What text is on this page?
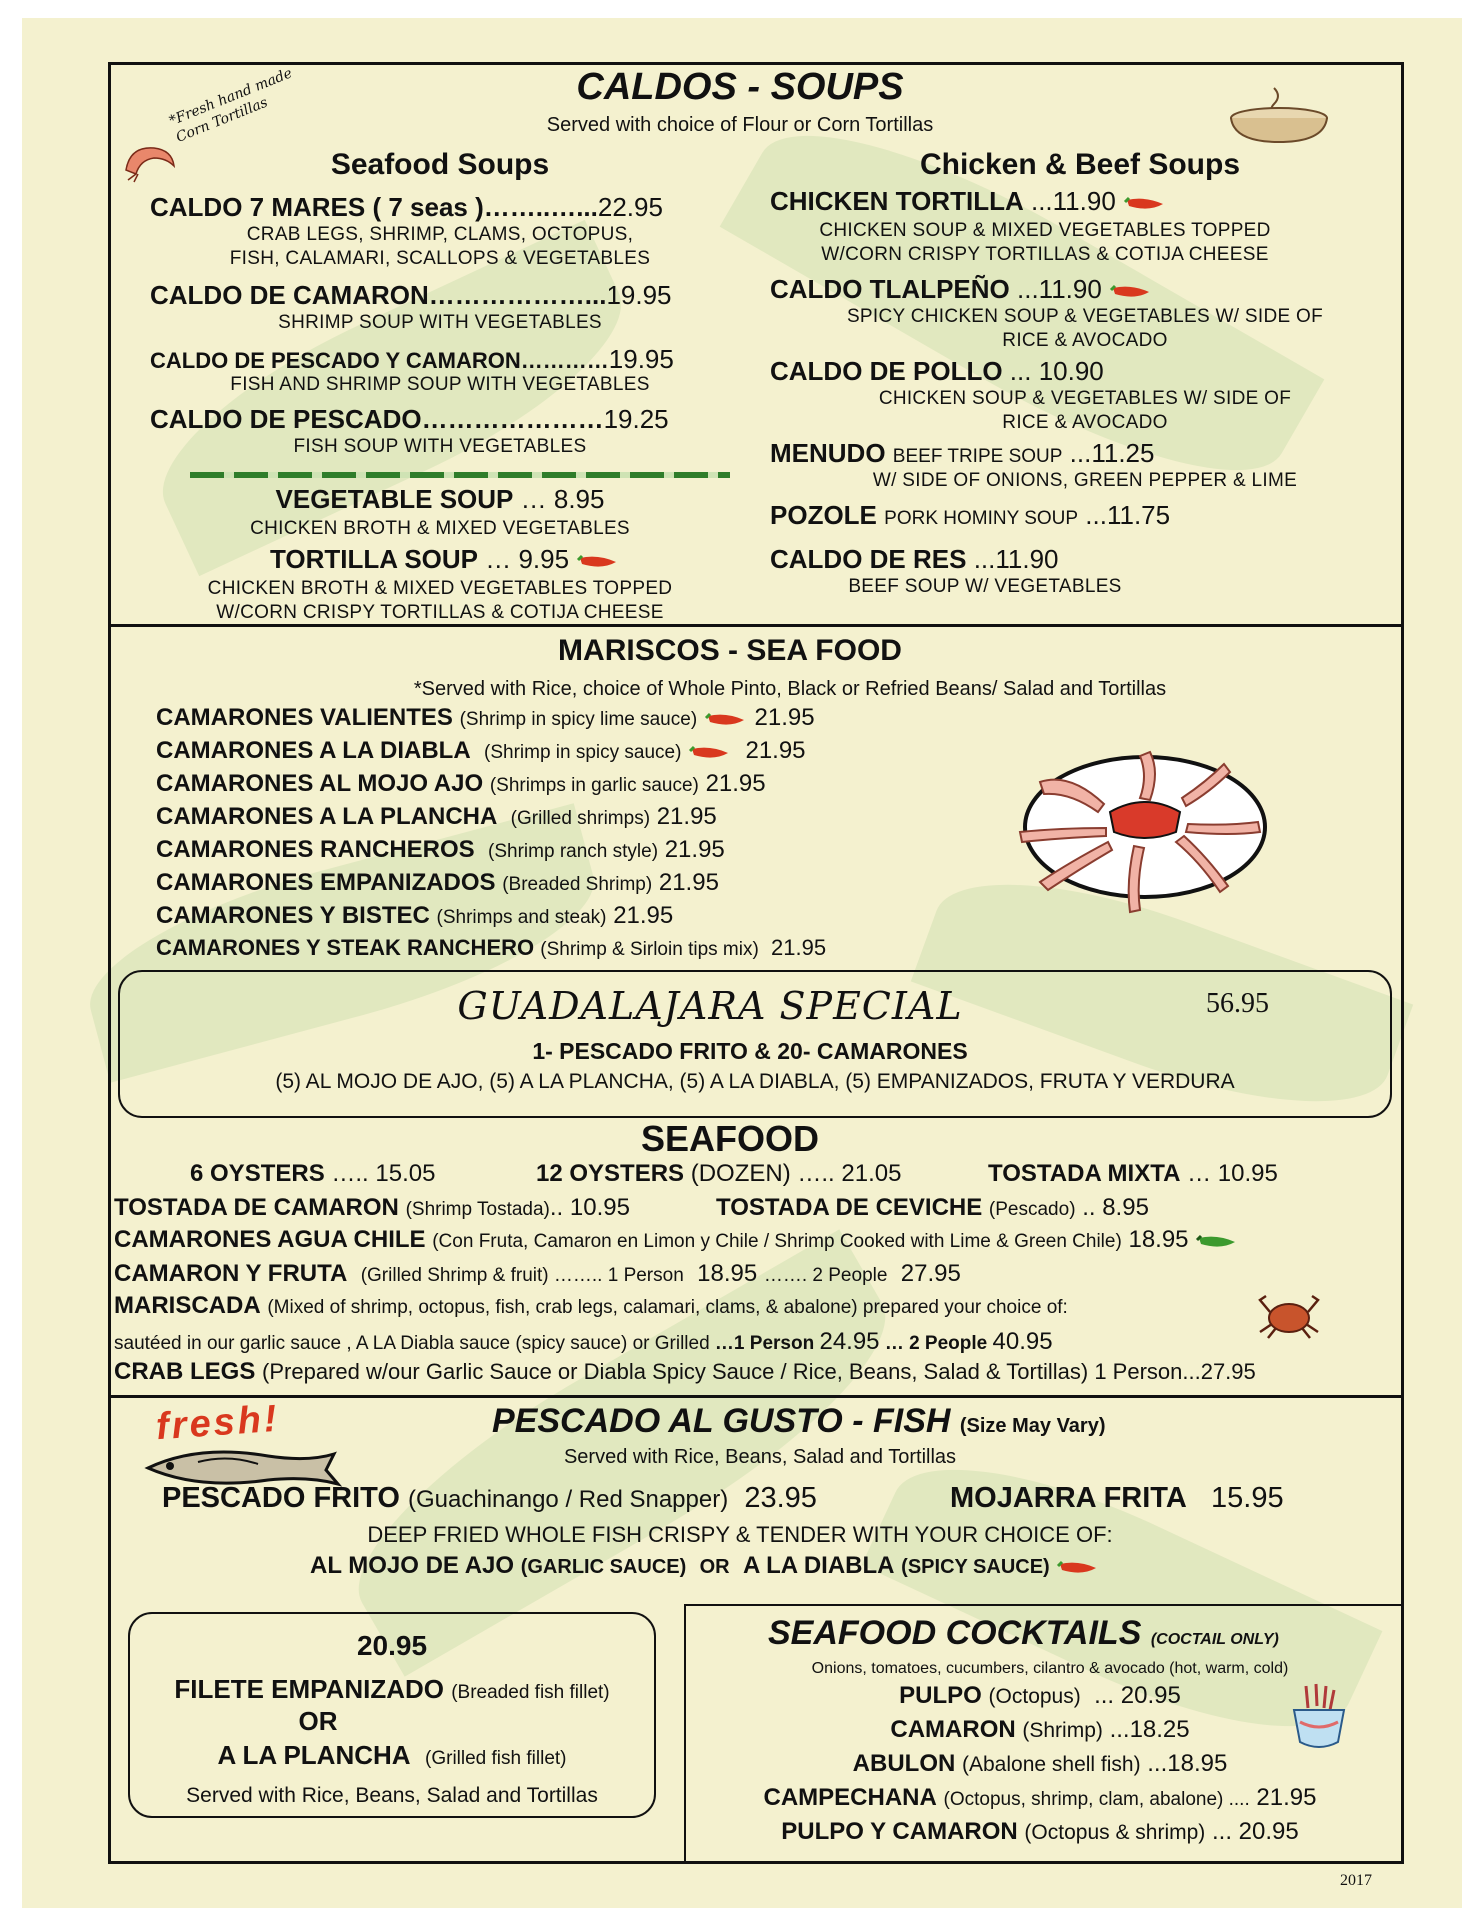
*Fresh hand made Corn Tortillas
CALDOS - SOUPS
Served with choice of Flour or Corn Tortillas
Seafood Soups	Chicken & Beef Soups
CALDO 7 MARES ( 7 seas )……..…...22.95
CRAB LEGS, SHRIMP, CLAMS, OCTOPUS,
FISH, CALAMARI, SCALLOPS & VEGETABLES
CALDO DE CAMARON………………...19.95
SHRIMP SOUP WITH VEGETABLES
CALDO DE PESCADO Y CAMARON…………19.95
FISH AND SHRIMP SOUP WITH VEGETABLES
CALDO DE PESCADO…………………19.25
FISH SOUP WITH VEGETABLES
VEGETABLE SOUP … 8.95
CHICKEN BROTH & MIXED VEGETABLES
TORTILLA SOUP … 9.95
CHICKEN BROTH & MIXED VEGETABLES TOPPED
W/CORN CRISPY TORTILLAS & COTIJA CHEESE
CHICKEN TORTILLA ...11.90
CHICKEN SOUP & MIXED VEGETABLES TOPPED
W/CORN CRISPY TORTILLAS & COTIJA CHEESE
CALDO TLALPEÑO ...11.90
SPICY CHICKEN SOUP & VEGETABLES W/ SIDE OF
RICE & AVOCADO
CALDO DE POLLO ... 10.90
CHICKEN SOUP & VEGETABLES W/ SIDE OF
RICE & AVOCADO
MENUDO BEEF TRIPE SOUP ...11.25
W/ SIDE OF ONIONS, GREEN PEPPER & LIME
POZOLE PORK HOMINY SOUP ...11.75
CALDO DE RES ...11.90
BEEF SOUP W/ VEGETABLES
MARISCOS - SEA FOOD
*Served with Rice, choice of Whole Pinto, Black or Refried Beans/ Salad and Tortillas
CAMARONES VALIENTES (Shrimp in spicy lime sauce) 21.95
CAMARONES A LA DIABLA (Shrimp in spicy sauce)	21.95
CAMARONES AL MOJO AJO (Shrimps in garlic sauce) 21.95
CAMARONES A LA PLANCHA (Grilled shrimps) 21.95
CAMARONES RANCHEROS (Shrimp ranch style) 21.95
CAMARONES EMPANIZADOS (Breaded Shrimp) 21.95
CAMARONES Y BISTEC (Shrimps and steak) 21.95
CAMARONES Y STEAK RANCHERO (Shrimp & Sirloin tips mix) 21.95
GUADALAJARA SPECIAL	56.95
1- PESCADO FRITO & 20- CAMARONES
(5) AL MOJO DE AJO, (5) A LA PLANCHA, (5) A LA DIABLA, (5) EMPANIZADOS, FRUTA Y VERDURA
SEAFOOD
6 OYSTERS ….. 15.05	12 OYSTERS (DOZEN) ….. 21.05	TOSTADA MIXTA … 10.95
TOSTADA DE CAMARON (Shrimp Tostada).. 10.95	TOSTADA DE CEVICHE (Pescado) .. 8.95
CAMARONES AGUA CHILE (Con Fruta, Camaron en Limon y Chile / Shrimp Cooked with Lime & Green Chile) 18.95
CAMARON Y FRUTA (Grilled Shrimp & fruit) …….. 1 Person 18.95 ……. 2 People 27.95
MARISCADA (Mixed of shrimp, octopus, fish, crab legs, calamari, clams, & abalone) prepared your choice of:
sautéed in our garlic sauce , A LA Diabla sauce (spicy sauce) or Grilled …1 Person 24.95 … 2 People 40.95
CRAB LEGS (Prepared w/our Garlic Sauce or Diabla Spicy Sauce / Rice, Beans, Salad & Tortillas) 1 Person...27.95
fresh!	PESCADO AL GUSTO - FISH (Size May Vary)
Served with Rice, Beans, Salad and Tortillas
PESCADO FRITO (Guachinango / Red Snapper) 23.95	MOJARRA FRITA 15.95
DEEP FRIED WHOLE FISH CRISPY & TENDER WITH YOUR CHOICE OF:
AL MOJO DE AJO (GARLIC SAUCE) OR A LA DIABLA (SPICY SAUCE)
20.95
FILETE EMPANIZADO (Breaded fish fillet)
OR
A LA PLANCHA (Grilled fish fillet)
Served with Rice, Beans, Salad and Tortillas
SEAFOOD COCKTAILS (COCTAIL ONLY)
Onions, tomatoes, cucumbers, cilantro & avocado (hot, warm, cold)
PULPO (Octopus) ... 20.95
CAMARON (Shrimp) ...18.25
ABULON (Abalone shell fish) ...18.95
CAMPECHANA (Octopus, shrimp, clam, abalone) .... 21.95
PULPO Y CAMARON (Octopus & shrimp) ... 20.95
2017
